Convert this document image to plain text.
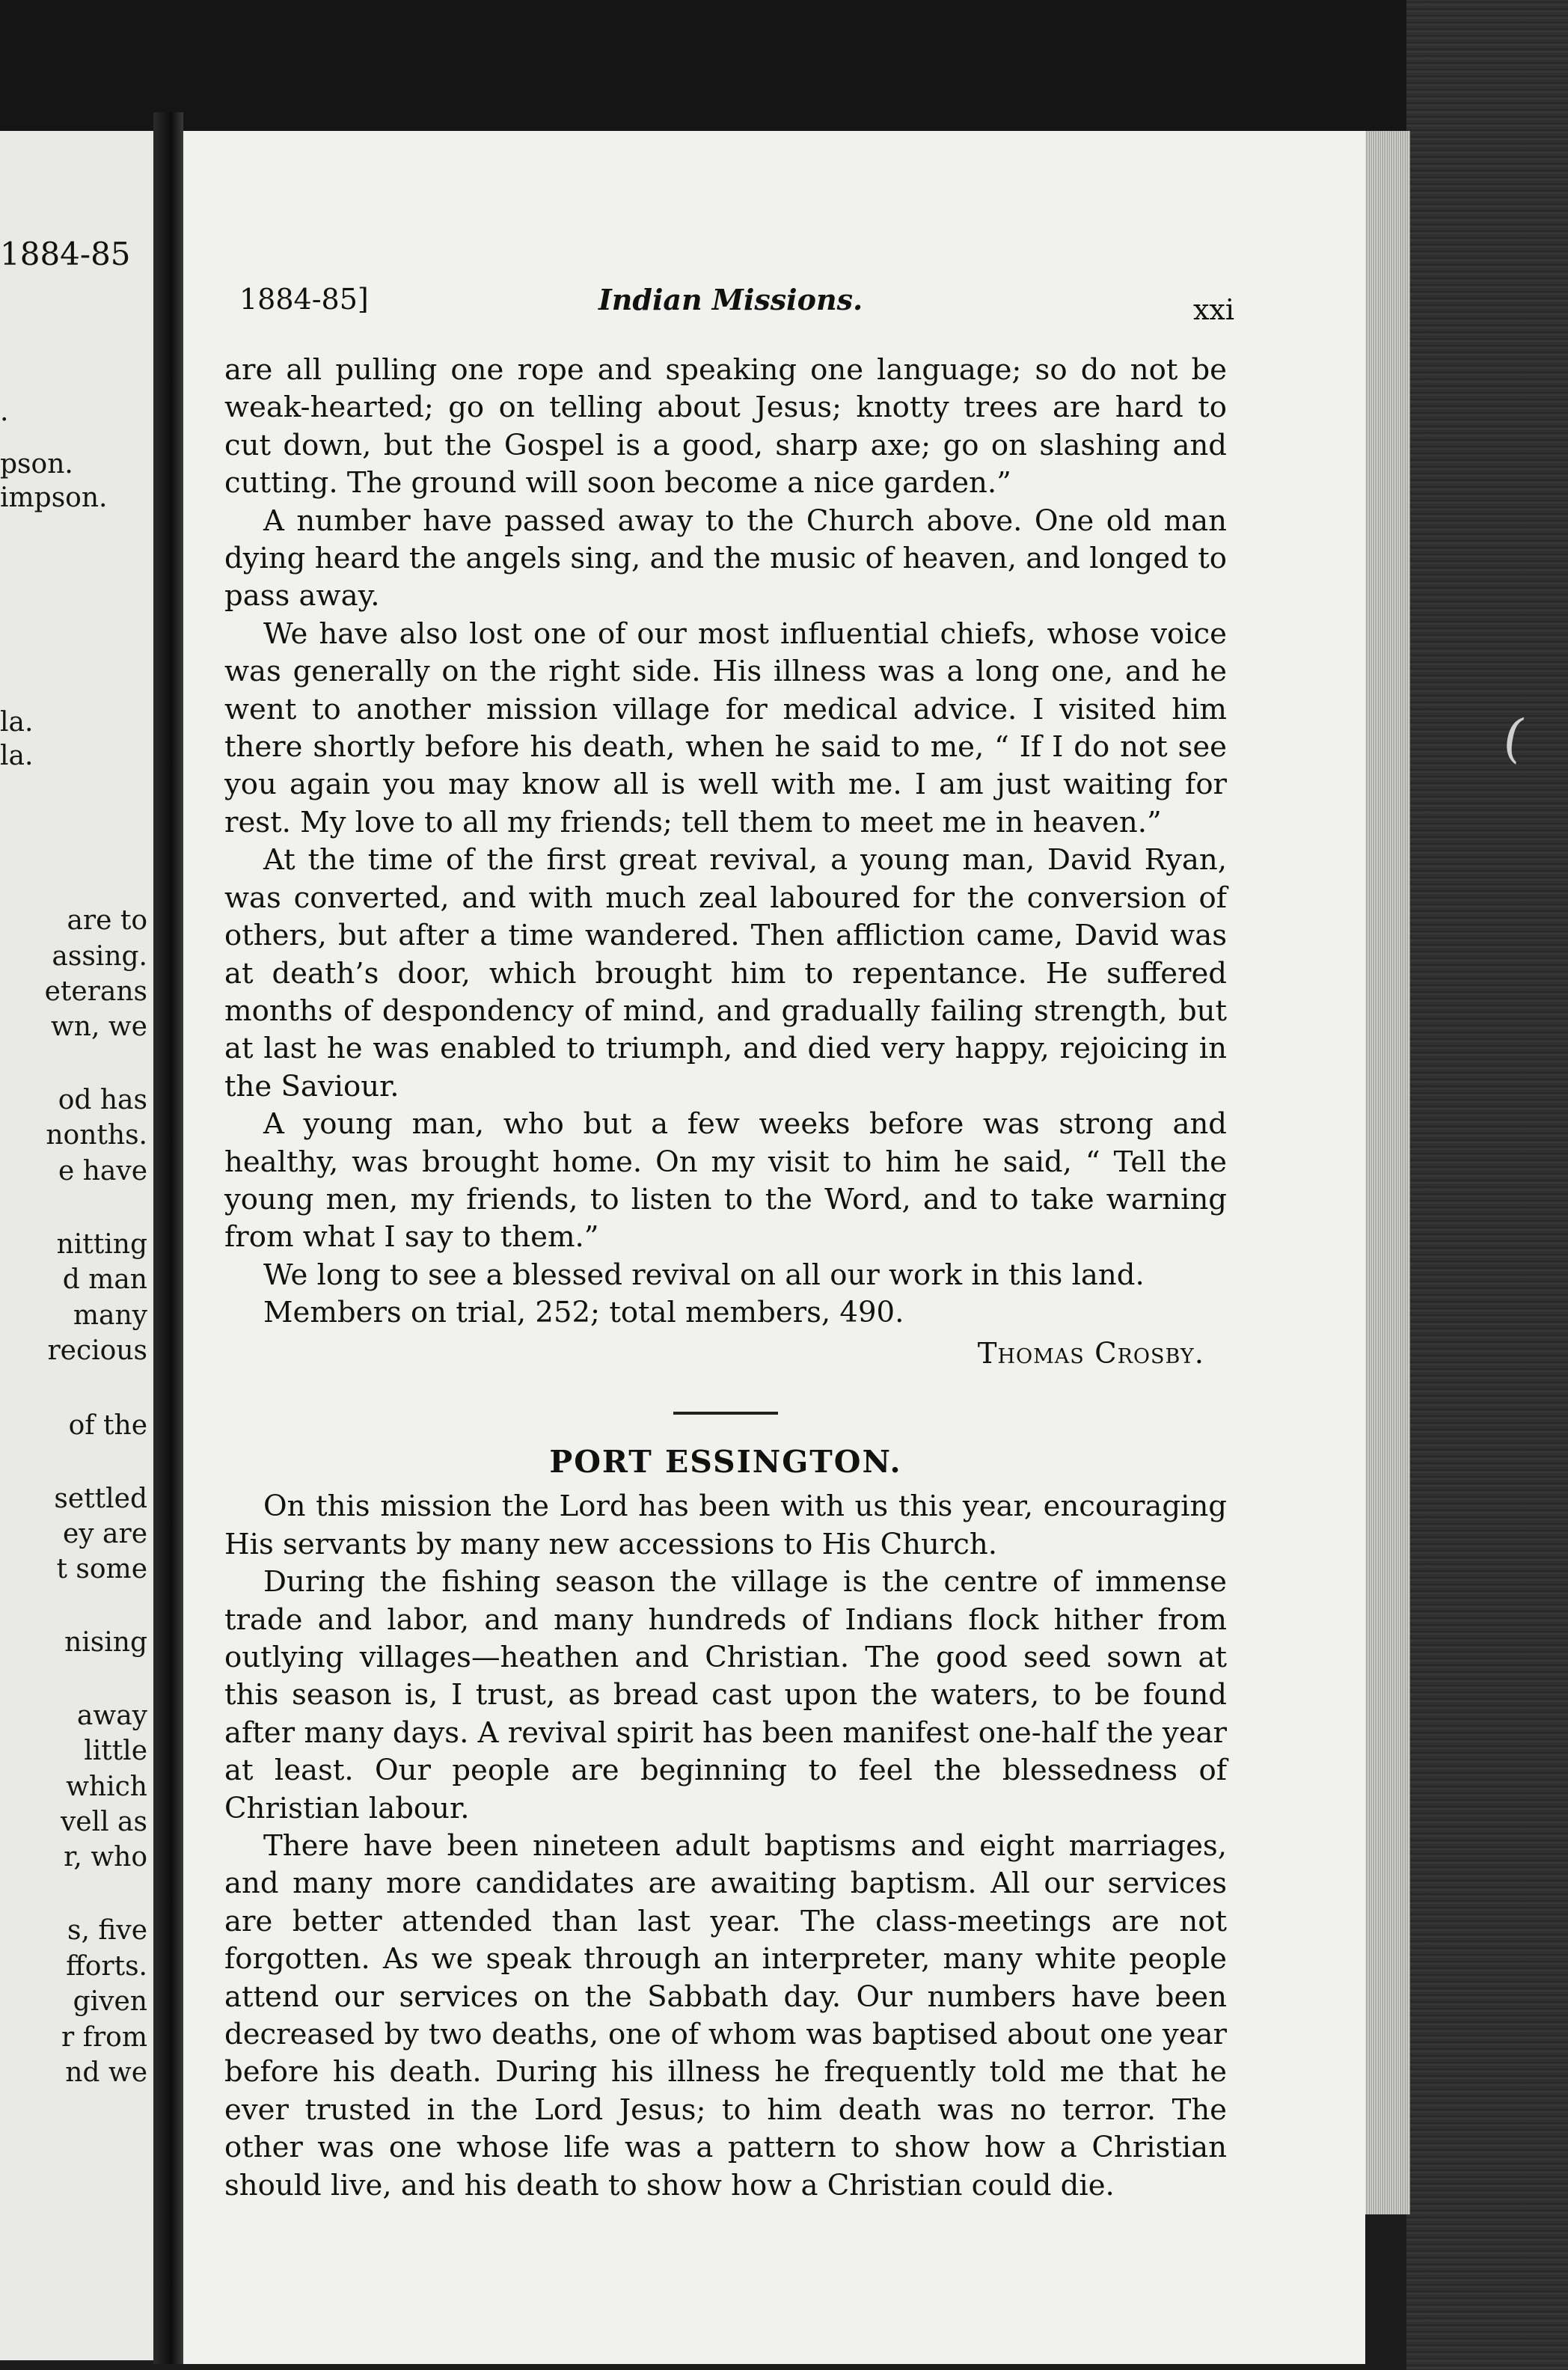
(
1884-85
.
pson.
impson.
la.
la.
are to
assing.
eterans
wn, we
od has
nonths.
e have
nitting
d man
many
recious
of the
settled
ey are
t some
nising
away
little
which
vell as
r, who
s, five
fforts.
given
r from
nd we
1884-85]	Indian Missions.	xxi

are all pulling one rope and speaking one language; so do not be weak-hearted; go on telling about Jesus; knotty trees are hard to cut down, but the Gospel is a good, sharp axe; go on slashing and cutting. The ground will soon become a nice garden.”

A number have passed away to the Church above. One old man dying heard the angels sing, and the music of heaven, and longed to pass away.

We have also lost one of our most influential chiefs, whose voice was generally on the right side. His illness was a long one, and he went to another mission village for medical advice. I visited him there shortly before his death, when he said to me, “ If I do not see you again you may know all is well with me. I am just waiting for rest. My love to all my friends; tell them to meet me in heaven.”

At the time of the first great revival, a young man, David Ryan, was converted, and with much zeal laboured for the conversion of others, but after a time wandered. Then affliction came, David was at death’s door, which brought him to repentance. He suffered months of despondency of mind, and gradually failing strength, but at last he was enabled to triumph, and died very happy, rejoicing in the Saviour.

A young man, who but a few weeks before was strong and healthy, was brought home. On my visit to him he said, “ Tell the young men, my friends, to listen to the Word, and to take warning from what I say to them.”

We long to see a blessed revival on all our work in this land.

Members on trial, 252; total members, 490.

Thomas Crosby.

PORT ESSINGTON.

On this mission the Lord has been with us this year, encouraging His servants by many new accessions to His Church.

During the fishing season the village is the centre of immense trade and labor, and many hundreds of Indians flock hither from outlying villages—heathen and Christian. The good seed sown at this season is, I trust, as bread cast upon the waters, to be found after many days. A revival spirit has been manifest one-half the year at least. Our people are beginning to feel the blessedness of Christian labour.

There have been nineteen adult baptisms and eight marriages, and many more candidates are awaiting baptism. All our services are better attended than last year. The class-meetings are not forgotten. As we speak through an interpreter, many white people attend our services on the Sabbath day. Our numbers have been decreased by two deaths, one of whom was baptised about one year before his death. During his illness he frequently told me that he ever trusted in the Lord Jesus; to him death was no terror. The other was one whose life was a pattern to show how a Christian should live, and his death to show how a Christian could die.
